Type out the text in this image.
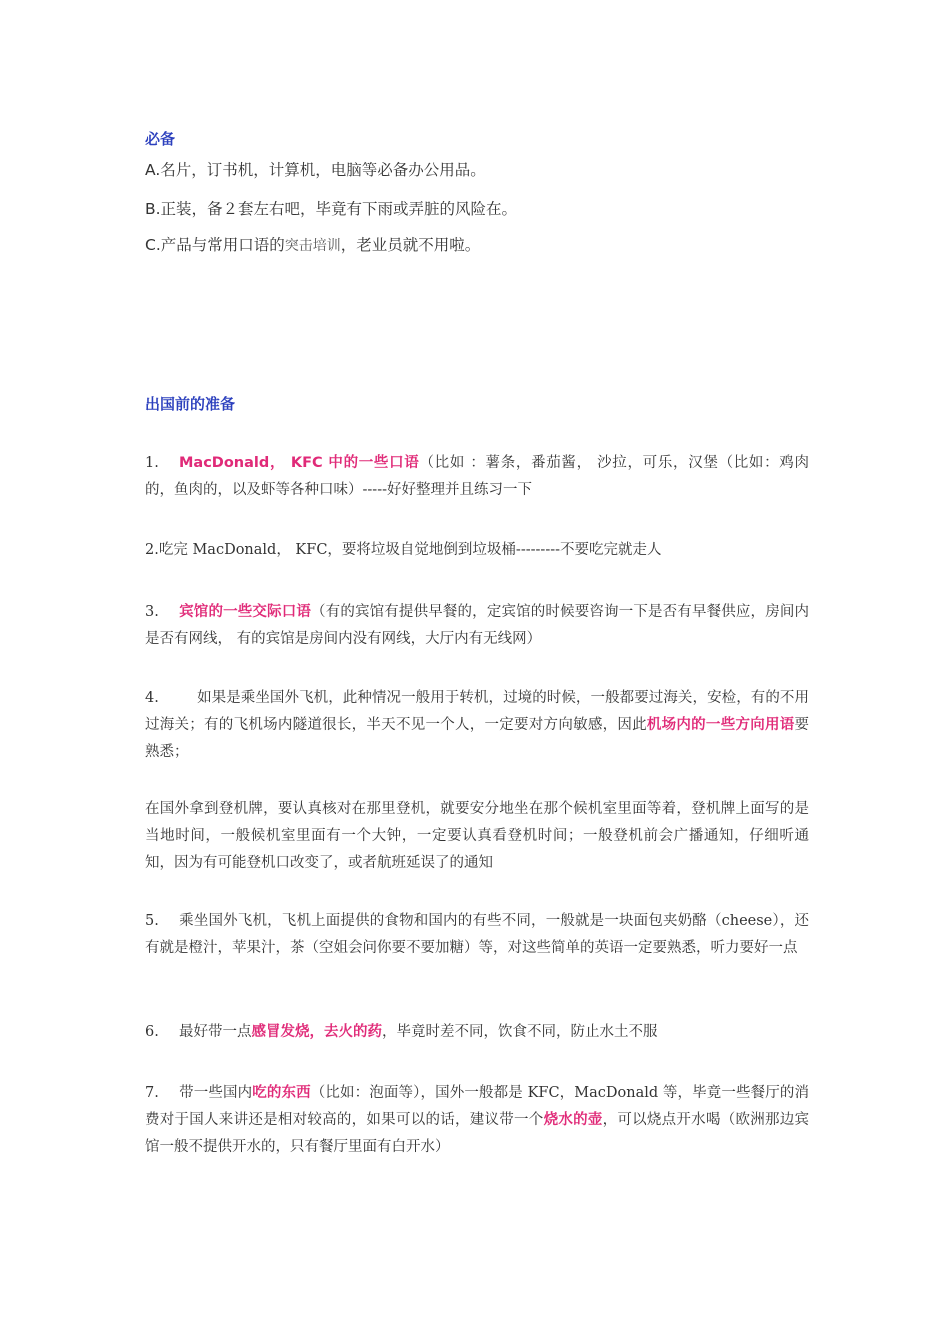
必备
A.名片，订书机，计算机，电脑等必备办公用品。
B.正装，备２套左右吧，毕竟有下雨或弄脏的风险在。
C.产品与常用口语的突击培训，老业员就不用啦。
出国前的准备
1. MacDonald， KFC 中的一些口语（比如 ：薯条，番茄酱， 沙拉，可乐，汉堡（比如：鸡肉的，鱼肉的，以及虾等各种口味）-----好好整理并且练习一下
2.吃完 MacDonald， KFC，要将垃圾自觉地倒到垃圾桶---------不要吃完就走人
3. 宾馆的一些交际口语（有的宾馆有提供早餐的，定宾馆的时候要咨询一下是否有早餐供应，房间内是否有网线， 有的宾馆是房间内没有网线，大厅内有无线网）
4.	如果是乘坐国外飞机，此种情况一般用于转机，过境的时候，一般都要过海关，安检，有的不用过海关；有的飞机场内隧道很长，半天不见一个人，一定要对方向敏感，因此机场内的一些方向用语要熟悉；
在国外拿到登机牌，要认真核对在那里登机，就要安分地坐在那个候机室里面等着，登机牌上面写的是当地时间，一般候机室里面有一个大钟，一定要认真看登机时间；一般登机前会广播通知，仔细听通知，因为有可能登机口改变了，或者航班延误了的通知
5. 乘坐国外飞机，飞机上面提供的食物和国内的有些不同，一般就是一块面包夹奶酪（cheese），还有就是橙汁，苹果汁，茶（空姐会问你要不要加糖）等，对这些简单的英语一定要熟悉，听力要好一点
6. 最好带一点感冒发烧，去火的药，毕竟时差不同，饮食不同，防止水土不服
7. 带一些国内吃的东西（比如：泡面等），国外一般都是 KFC，MacDonald 等，毕竟一些餐厅的消费对于国人来讲还是相对较高的，如果可以的话，建议带一个烧水的壶，可以烧点开水喝（欧洲那边宾馆一般不提供开水的，只有餐厅里面有白开水）
